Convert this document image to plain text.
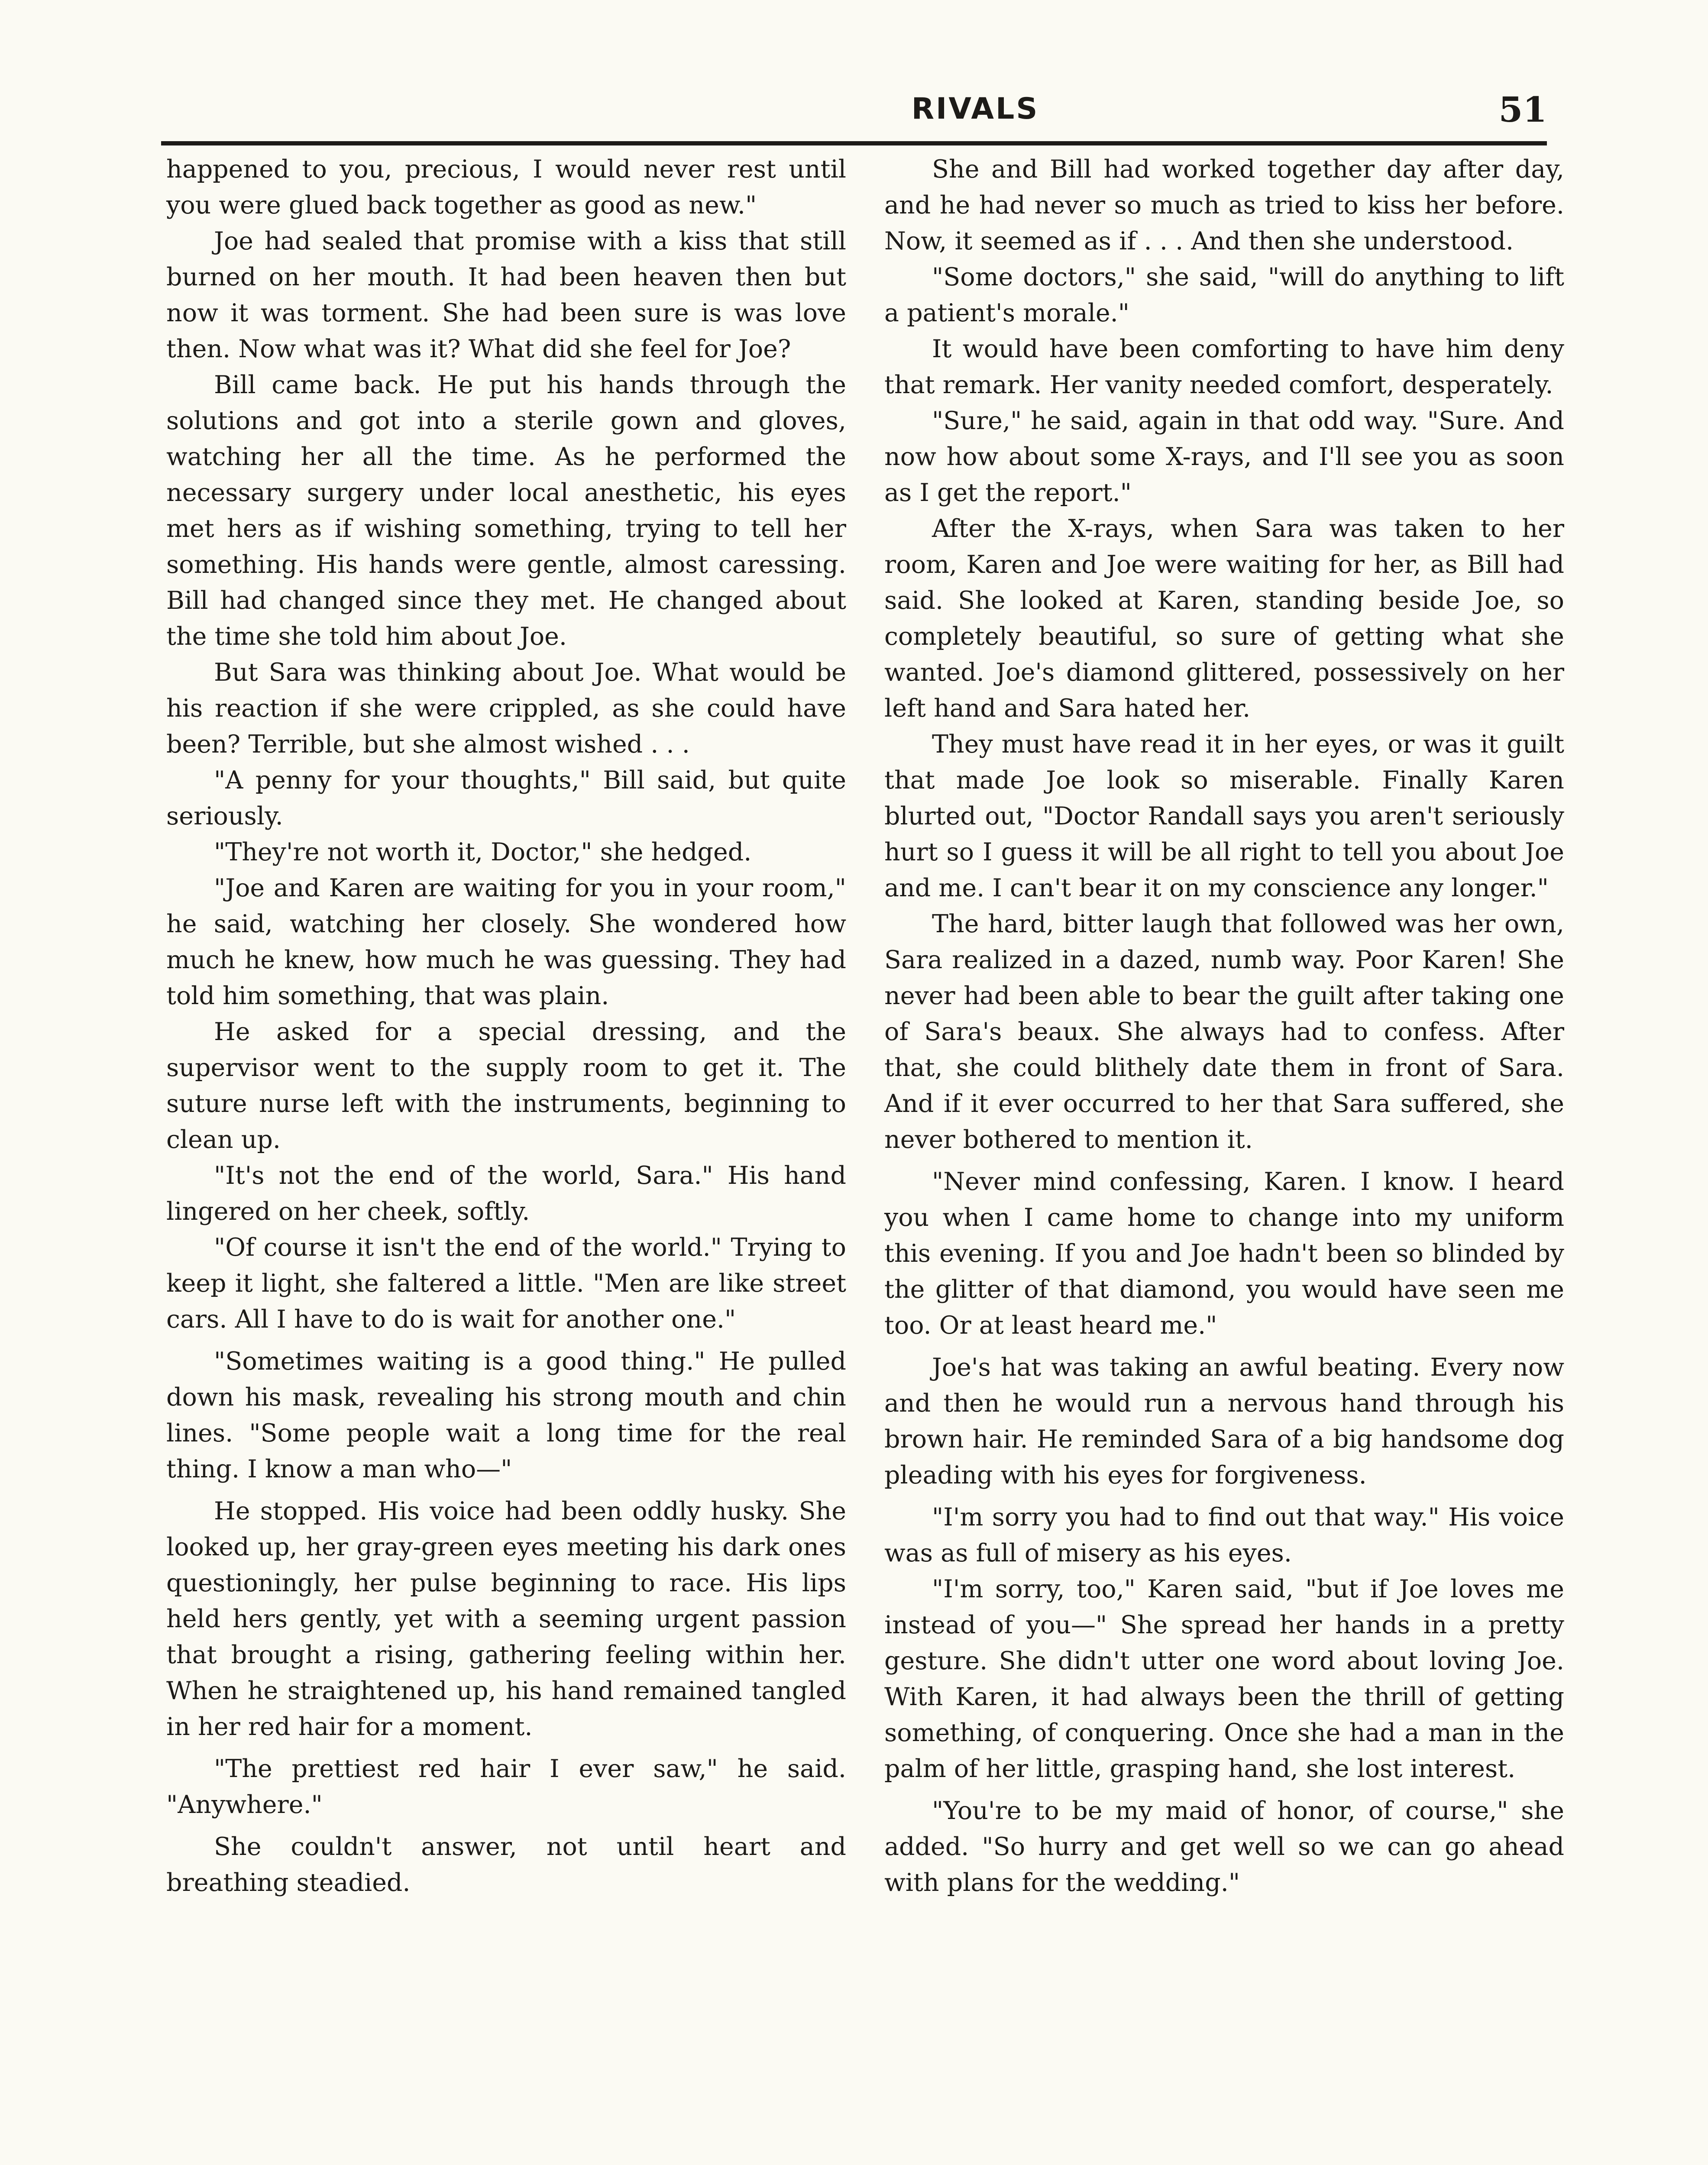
RIVALS	51

happened to you, precious, I would never rest until you were glued back together as good as new."

Joe had sealed that promise with a kiss that still burned on her mouth. It had been heaven then but now it was torment. She had been sure is was love then. Now what was it? What did she feel for Joe?

Bill came back. He put his hands through the solutions and got into a sterile gown and gloves, watching her all the time. As he performed the necessary surgery under local anesthetic, his eyes met hers as if wishing something, trying to tell her something. His hands were gentle, almost caressing. Bill had changed since they met. He changed about the time she told him about Joe.

But Sara was thinking about Joe. What would be his reaction if she were crippled, as she could have been? Terrible, but she almost wished . . .

"A penny for your thoughts," Bill said, but quite seriously.

"They're not worth it, Doctor," she hedged.

"Joe and Karen are waiting for you in your room," he said, watching her closely. She wondered how much he knew, how much he was guessing. They had told him something, that was plain.

He asked for a special dressing, and the supervisor went to the supply room to get it. The suture nurse left with the instruments, beginning to clean up.

"It's not the end of the world, Sara." His hand lingered on her cheek, softly.

"Of course it isn't the end of the world." Trying to keep it light, she faltered a little. "Men are like street cars. All I have to do is wait for another one."

"Sometimes waiting is a good thing." He pulled down his mask, revealing his strong mouth and chin lines. "Some people wait a long time for the real thing. I know a man who—"

He stopped. His voice had been oddly husky. She looked up, her gray-green eyes meeting his dark ones questioningly, her pulse beginning to race. His lips held hers gently, yet with a seeming urgent passion that brought a rising, gathering feeling within her. When he straightened up, his hand remained tangled in her red hair for a moment.

"The prettiest red hair I ever saw," he said. "Anywhere."

She couldn't answer, not until heart and breathing steadied.

She and Bill had worked together day after day, and he had never so much as tried to kiss her before. Now, it seemed as if . . . And then she understood.

"Some doctors," she said, "will do anything to lift a patient's morale."

It would have been comforting to have him deny that remark. Her vanity needed comfort, desperately.

"Sure," he said, again in that odd way. "Sure. And now how about some X-rays, and I'll see you as soon as I get the report."

After the X-rays, when Sara was taken to her room, Karen and Joe were waiting for her, as Bill had said. She looked at Karen, standing beside Joe, so completely beautiful, so sure of getting what she wanted. Joe's diamond glittered, possessively on her left hand and Sara hated her.

They must have read it in her eyes, or was it guilt that made Joe look so miserable. Finally Karen blurted out, "Doctor Randall says you aren't seriously hurt so I guess it will be all right to tell you about Joe and me. I can't bear it on my conscience any longer."

The hard, bitter laugh that followed was her own, Sara realized in a dazed, numb way. Poor Karen! She never had been able to bear the guilt after taking one of Sara's beaux. She always had to confess. After that, she could blithely date them in front of Sara. And if it ever occurred to her that Sara suffered, she never bothered to mention it.

"Never mind confessing, Karen. I know. I heard you when I came home to change into my uniform this evening. If you and Joe hadn't been so blinded by the glitter of that diamond, you would have seen me too. Or at least heard me."

Joe's hat was taking an awful beating. Every now and then he would run a nervous hand through his brown hair. He reminded Sara of a big handsome dog pleading with his eyes for forgiveness.

"I'm sorry you had to find out that way." His voice was as full of misery as his eyes.

"I'm sorry, too," Karen said, "but if Joe loves me instead of you—" She spread her hands in a pretty gesture. She didn't utter one word about loving Joe. With Karen, it had always been the thrill of getting something, of conquering. Once she had a man in the palm of her little, grasping hand, she lost interest.

"You're to be my maid of honor, of course," she added. "So hurry and get well so we can go ahead with plans for the wedding."
